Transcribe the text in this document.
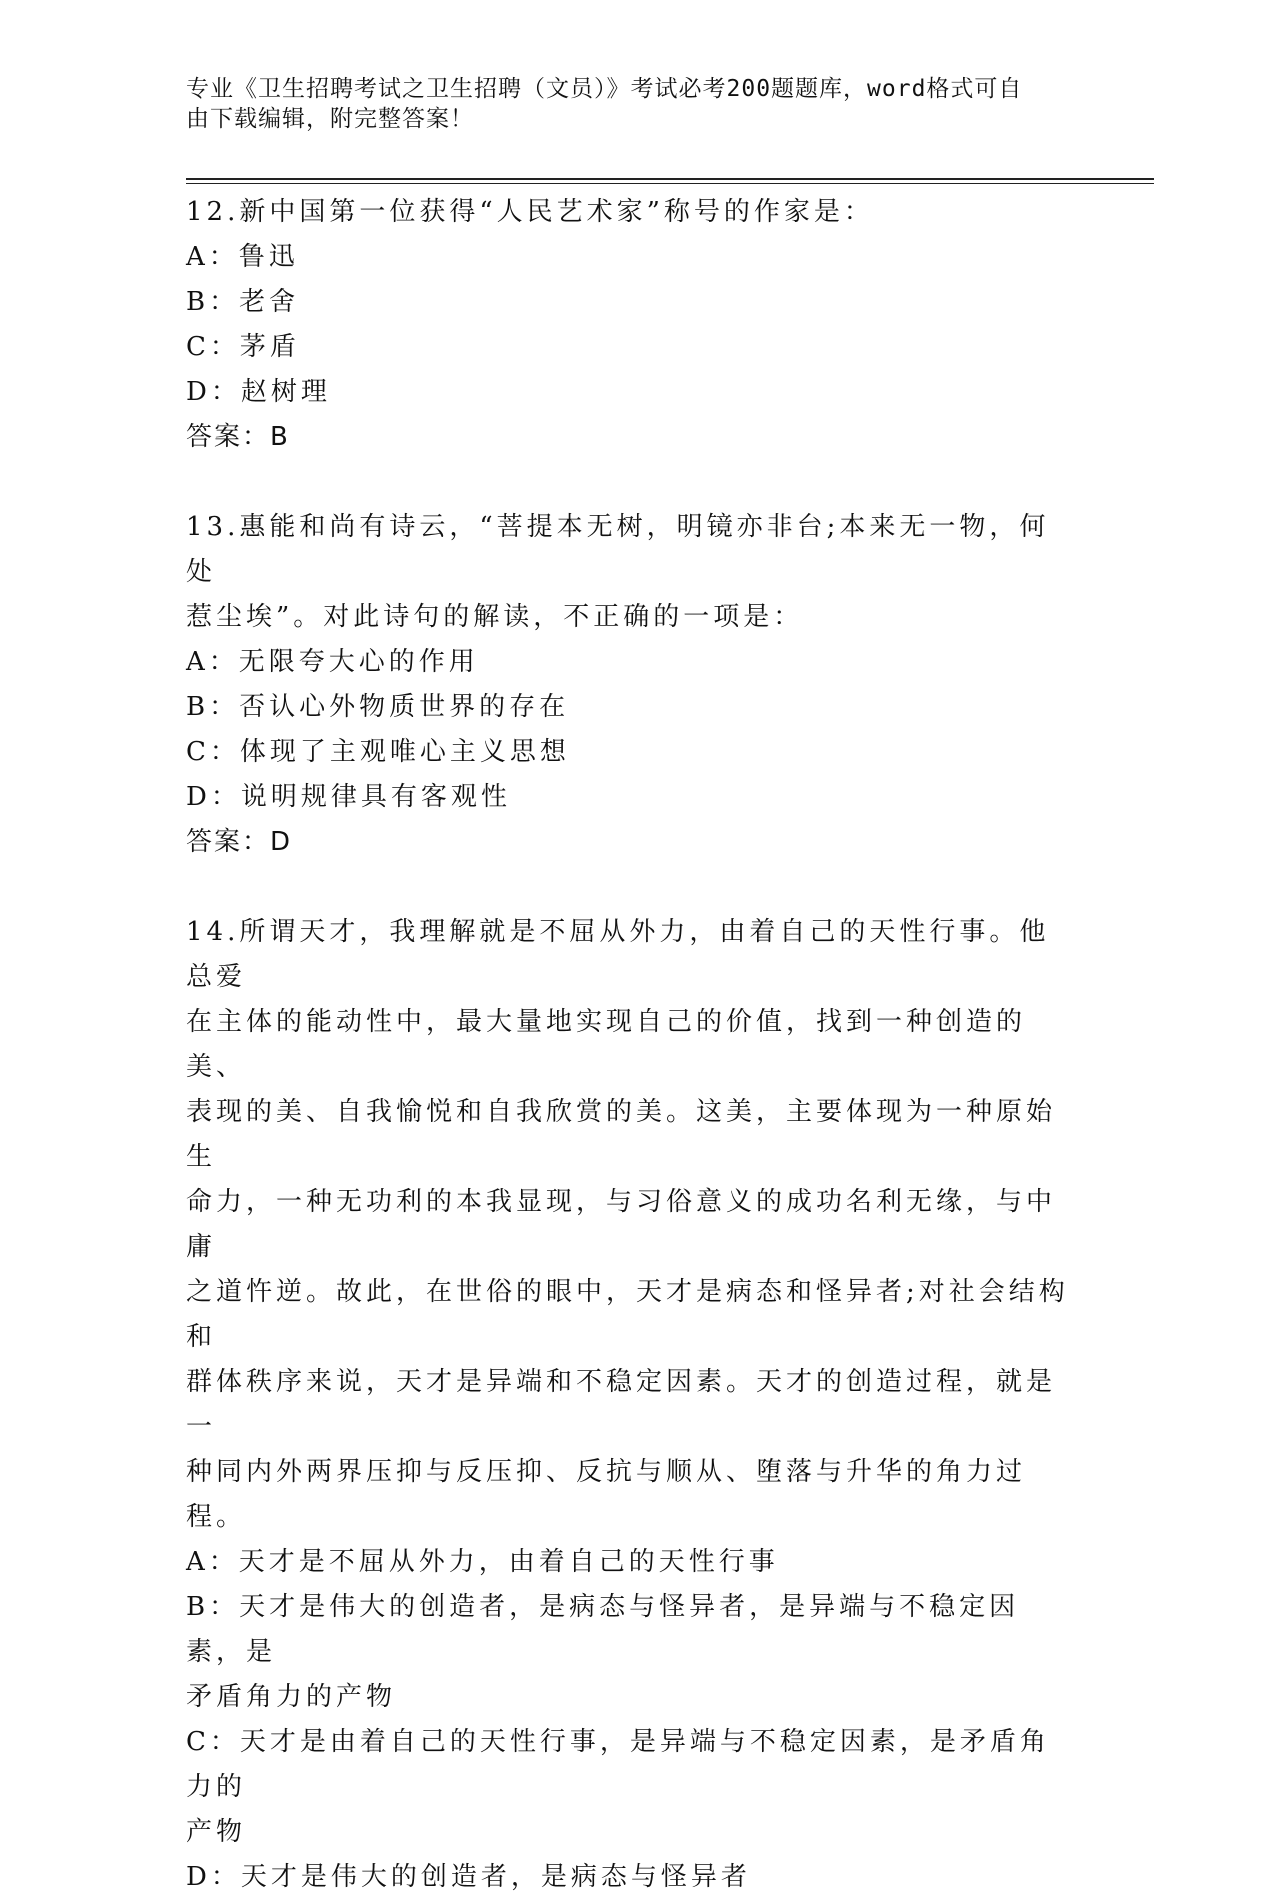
专业《卫生招聘考试之卫生招聘（文员）》考试必考200题题库，word格式可自
由下载编辑，附完整答案！
12.新中国第一位获得“人民艺术家”称号的作家是：
A：鲁迅
B：老舍
C：茅盾
D：赵树理
答案：B
13.惠能和尚有诗云，“菩提本无树，明镜亦非台;本来无一物，何处
惹尘埃”。对此诗句的解读，不正确的一项是：
A：无限夸大心的作用
B：否认心外物质世界的存在
C：体现了主观唯心主义思想
D：说明规律具有客观性
答案：D
14.所谓天才，我理解就是不屈从外力，由着自己的天性行事。他总爱
在主体的能动性中，最大量地实现自己的价值，找到一种创造的美、
表现的美、自我愉悦和自我欣赏的美。这美，主要体现为一种原始生
命力，一种无功利的本我显现，与习俗意义的成功名利无缘，与中庸
之道忤逆。故此，在世俗的眼中，天才是病态和怪异者;对社会结构和
群体秩序来说，天才是异端和不稳定因素。天才的创造过程，就是一
种同内外两界压抑与反压抑、反抗与顺从、堕落与升华的角力过程。
A：天才是不屈从外力，由着自己的天性行事
B：天才是伟大的创造者，是病态与怪异者，是异端与不稳定因素，是
矛盾角力的产物
C：天才是由着自己的天性行事，是异端与不稳定因素，是矛盾角力的
产物
D：天才是伟大的创造者，是病态与怪异者
